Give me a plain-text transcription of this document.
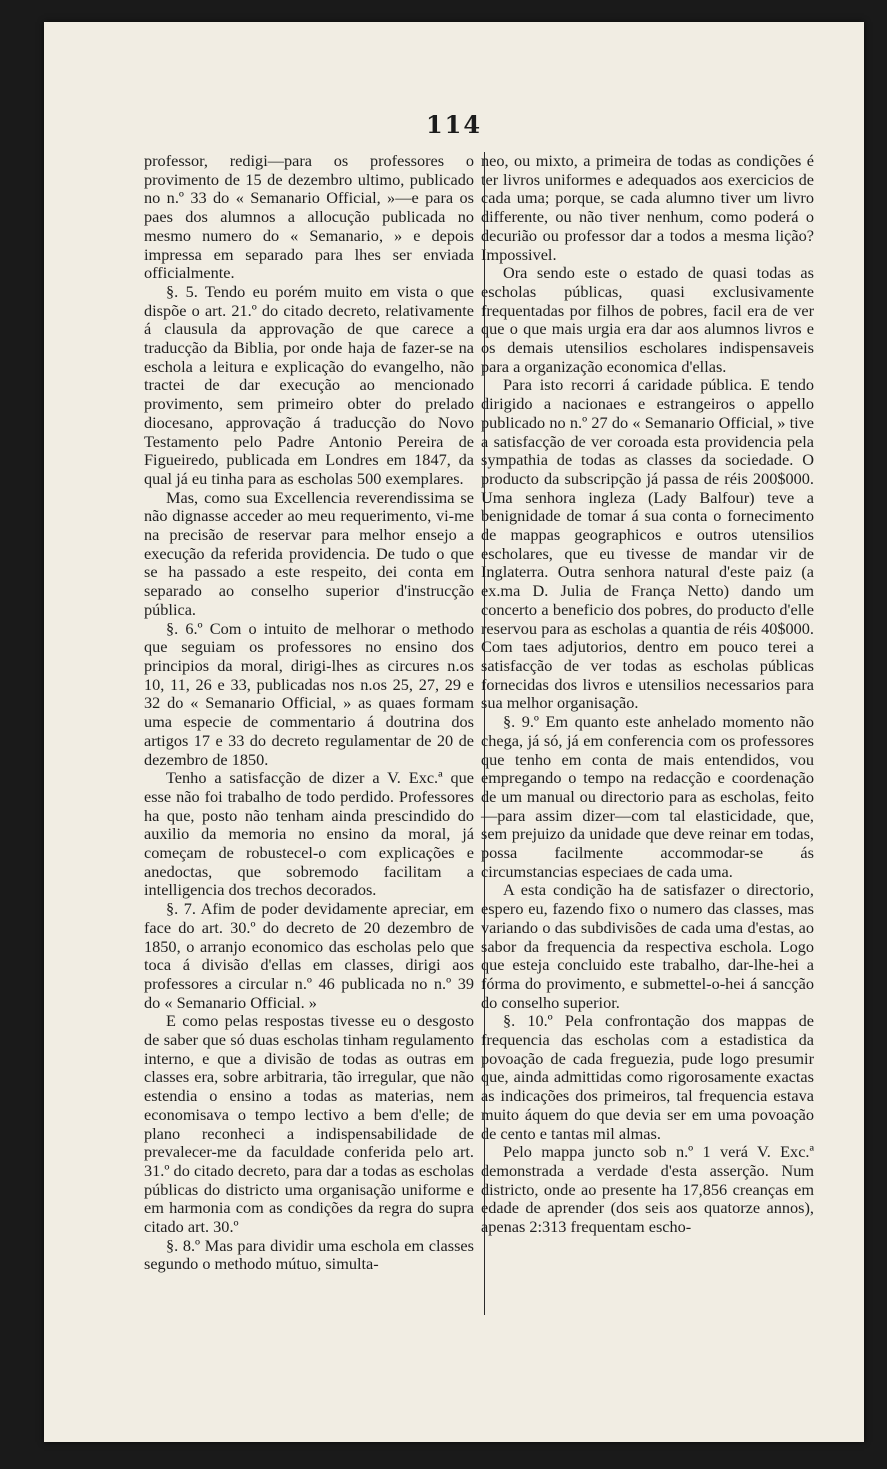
114

professor, redigi—para os professores o provimento de 15 de dezembro ultimo, publicado no n.º 33 do « Semanario Official, »—e para os paes dos alumnos a allocução publicada no mesmo numero do « Semanario, » e depois impressa em separado para lhes ser enviada officialmente.

§. 5. Tendo eu porém muito em vista o que dispõe o art. 21.º do citado decreto, relativamente á clausula da approvação de que carece a traducção da Biblia, por onde haja de fazer-se na eschola a leitura e explicação do evangelho, não tractei de dar execução ao mencionado provimento, sem primeiro obter do prelado diocesano, approvação á traducção do Novo Testamento pelo Padre Antonio Pereira de Figueiredo, publicada em Londres em 1847, da qual já eu tinha para as escholas 500 exemplares.

Mas, como sua Excellencia reverendissima se não dignasse acceder ao meu requerimento, vi-me na precisão de reservar para melhor ensejo a execução da referida providencia. De tudo o que se ha passado a este respeito, dei conta em separado ao conselho superior d'instrucção pública.

§. 6.º Com o intuito de melhorar o methodo que seguiam os professores no ensino dos principios da moral, dirigi-lhes as circures n.os 10, 11, 26 e 33, publicadas nos n.os 25, 27, 29 e 32 do « Semanario Official, » as quaes formam uma especie de commentario á doutrina dos artigos 17 e 33 do decreto regulamentar de 20 de dezembro de 1850.

Tenho a satisfacção de dizer a V. Exc.ª que esse não foi trabalho de todo perdido. Professores ha que, posto não tenham ainda prescindido do auxilio da memoria no ensino da moral, já começam de robustecel-o com explicações e anedoctas, que sobremodo facilitam a intelligencia dos trechos decorados.

§. 7. Afim de poder devidamente apreciar, em face do art. 30.º do decreto de 20 dezembro de 1850, o arranjo economico das escholas pelo que toca á divisão d'ellas em classes, dirigi aos professores a circular n.º 46 publicada no n.º 39 do « Semanario Official. »

E como pelas respostas tivesse eu o desgosto de saber que só duas escholas tinham regulamento interno, e que a divisão de todas as outras em classes era, sobre arbitraria, tão irregular, que não estendia o ensino a todas as materias, nem economisava o tempo lectivo a bem d'elle; de plano reconheci a indispensabilidade de prevalecer-me da faculdade conferida pelo art. 31.º do citado decreto, para dar a todas as escholas públicas do districto uma organisação uniforme e em harmonia com as condições da regra do supra citado art. 30.º

§. 8.º Mas para dividir uma eschola em classes segundo o methodo mútuo, simulta-

neo, ou mixto, a primeira de todas as condições é ter livros uniformes e adequados aos exercicios de cada uma; porque, se cada alumno tiver um livro differente, ou não tiver nenhum, como poderá o decurião ou professor dar a todos a mesma lição? Impossivel.

Ora sendo este o estado de quasi todas as escholas públicas, quasi exclusivamente frequentadas por filhos de pobres, facil era de ver que o que mais urgia era dar aos alumnos livros e os demais utensilios escholares indispensaveis para a organização economica d'ellas.

Para isto recorri á caridade pública. E tendo dirigido a nacionaes e estrangeiros o appello publicado no n.º 27 do « Semanario Official, » tive a satisfacção de ver coroada esta providencia pela sympathia de todas as classes da sociedade. O producto da subscripção já passa de réis 200$000. Uma senhora ingleza (Lady Balfour) teve a benignidade de tomar á sua conta o fornecimento de mappas geographicos e outros utensilios escholares, que eu tivesse de mandar vir de Inglaterra. Outra senhora natural d'este paiz (a ex.ma D. Julia de França Netto) dando um concerto a beneficio dos pobres, do producto d'elle reservou para as escholas a quantia de réis 40$000. Com taes adjutorios, dentro em pouco terei a satisfacção de ver todas as escholas públicas fornecidas dos livros e utensilios necessarios para sua melhor organisação.

§. 9.º Em quanto este anhelado momento não chega, já só, já em conferencia com os professores que tenho em conta de mais entendidos, vou empregando o tempo na redacção e coordenação de um manual ou directorio para as escholas, feito—para assim dizer—com tal elasticidade, que, sem prejuizo da unidade que deve reinar em todas, possa facilmente accommodar-se ás circumstancias especiaes de cada uma.

A esta condição ha de satisfazer o directorio, espero eu, fazendo fixo o numero das classes, mas variando o das subdivisões de cada uma d'estas, ao sabor da frequencia da respectiva eschola. Logo que esteja concluido este trabalho, dar-lhe-hei a fórma do provimento, e submettel-o-hei á sancção do conselho superior.

§. 10.º Pela confrontação dos mappas de frequencia das escholas com a estadistica da povoação de cada freguezia, pude logo presumir que, ainda admittidas como rigorosamente exactas as indicações dos primeiros, tal frequencia estava muito áquem do que devia ser em uma povoação de cento e tantas mil almas.

Pelo mappa juncto sob n.º 1 verá V. Exc.ª demonstrada a verdade d'esta asserção. Num districto, onde ao presente ha 17,856 creanças em edade de aprender (dos seis aos quatorze annos), apenas 2:313 frequentam escho-
